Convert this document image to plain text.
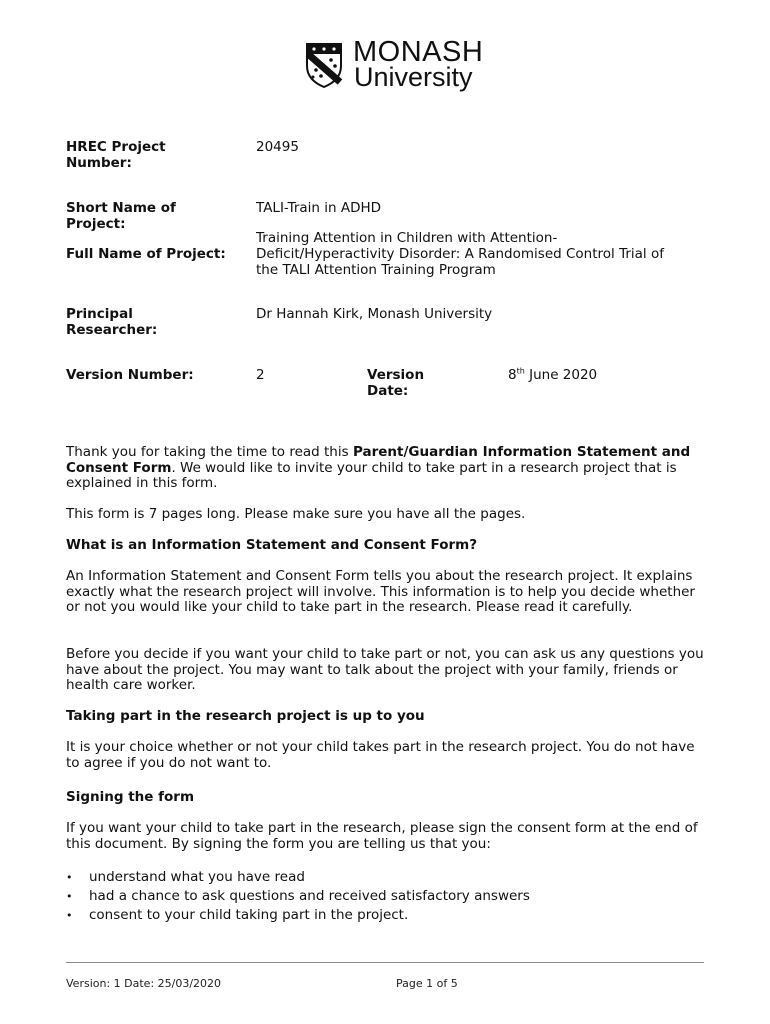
MONASH
University
HREC Project Number:
20495
Short Name of Project:
TALI-Train in ADHD
Full Name of Project:
Training Attention in Children with Attention-Deficit/Hyperactivity Disorder: A Randomised Control Trial of the TALI Attention Training Program
Principal Researcher:
Dr Hannah Kirk, Monash University
Version Number:	2	Version Date:
8th June 2020
Thank you for taking the time to read this Parent/Guardian Information Statement and Consent Form. We would like to invite your child to take part in a research project that is explained in this form.
This form is 7 pages long. Please make sure you have all the pages.
What is an Information Statement and Consent Form?
An Information Statement and Consent Form tells you about the research project. It explains exactly what the research project will involve. This information is to help you decide whether or not you would like your child to take part in the research. Please read it carefully.
Before you decide if you want your child to take part or not, you can ask us any questions you have about the project. You may want to talk about the project with your family, friends or health care worker.
Taking part in the research project is up to you
It is your choice whether or not your child takes part in the research project. You do not have to agree if you do not want to.
Signing the form
If you want your child to take part in the research, please sign the consent form at the end of this document. By signing the form you are telling us that you:
• understand what you have read
• had a chance to ask questions and received satisfactory answers
• consent to your child taking part in the project.
Version: 1 Date: 25/03/2020	Page 1 of 5
